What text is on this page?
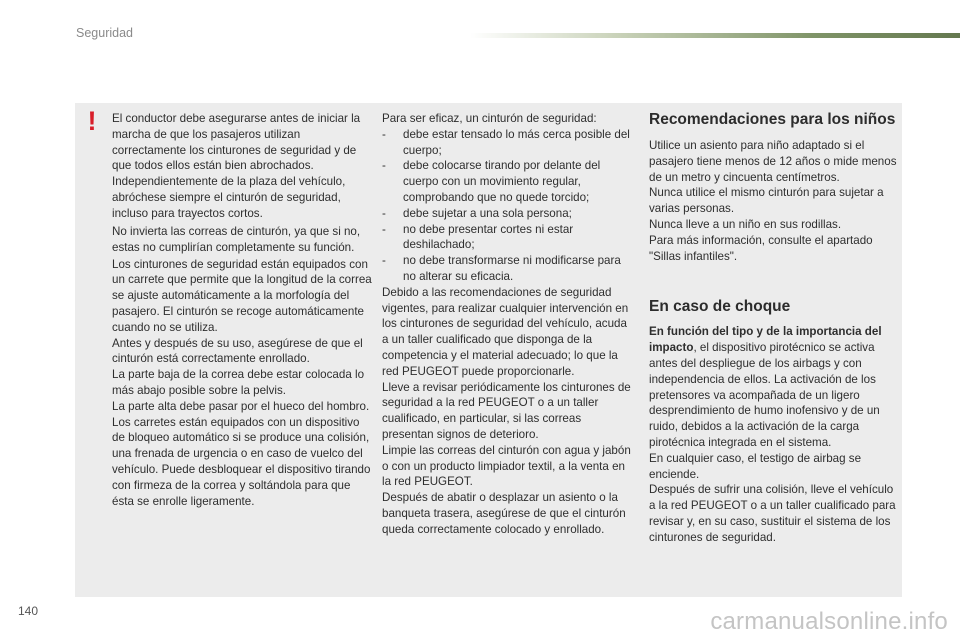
Seguridad
! El conductor debe asegurarse antes de iniciar la marcha de que los pasajeros utilizan correctamente los cinturones de seguridad y de que todos ellos están bien abrochados.

Independientemente de la plaza del vehículo, abróchese siempre el cinturón de seguridad, incluso para trayectos cortos.

No invierta las correas de cinturón, ya que si no, estas no cumplirían completamente su función.

Los cinturones de seguridad están equipados con un carrete que permite que la longitud de la correa se ajuste automáticamente a la morfología del pasajero. El cinturón se recoge automáticamente cuando no se utiliza.

Antes y después de su uso, asegúrese de que el cinturón está correctamente enrollado.

La parte baja de la correa debe estar colocada lo más abajo posible sobre la pelvis.

La parte alta debe pasar por el hueco del hombro.

Los carretes están equipados con un dispositivo de bloqueo automático si se produce una colisión, una frenada de urgencia o en caso de vuelco del vehículo. Puede desbloquear el dispositivo tirando con firmeza de la correa y soltándola para que ésta se enrolle ligeramente.

Para ser eficaz, un cinturón de seguridad:

-	debe estar tensado lo más cerca posible del cuerpo;
-	debe colocarse tirando por delante del cuerpo con un movimiento regular, comprobando que no quede torcido;
-	debe sujetar a una sola persona;
-	no debe presentar cortes ni estar deshilachado;
-	no debe transformarse ni modificarse para no alterar su eficacia.

Debido a las recomendaciones de seguridad vigentes, para realizar cualquier intervención en los cinturones de seguridad del vehículo, acuda a un taller cualificado que disponga de la competencia y el material adecuado; lo que la red PEUGEOT puede proporcionarle.

Lleve a revisar periódicamente los cinturones de seguridad a la red PEUGEOT o a un taller cualificado, en particular, si las correas presentan signos de deterioro.

Limpie las correas del cinturón con agua y jabón o con un producto limpiador textil, a la venta en la red PEUGEOT.

Después de abatir o desplazar un asiento o la banqueta trasera, asegúrese de que el cinturón queda correctamente colocado y enrollado.

Recomendaciones para los niños

Utilice un asiento para niño adaptado si el pasajero tiene menos de 12 años o mide menos de un metro y cincuenta centímetros.

Nunca utilice el mismo cinturón para sujetar a varias personas.

Nunca lleve a un niño en sus rodillas.

Para más información, consulte el apartado "Sillas infantiles".

En caso de choque

En función del tipo y de la importancia del impacto, el dispositivo pirotécnico se activa antes del despliegue de los airbags y con independencia de ellos. La activación de los pretensores va acompañada de un ligero desprendimiento de humo inofensivo y de un ruido, debidos a la activación de la carga pirotécnica integrada en el sistema.

En cualquier caso, el testigo de airbag se enciende.

Después de sufrir una colisión, lleve el vehículo a la red PEUGEOT o a un taller cualificado para revisar y, en su caso, sustituir el sistema de los cinturones de seguridad.

140	carmanualsonline.info
